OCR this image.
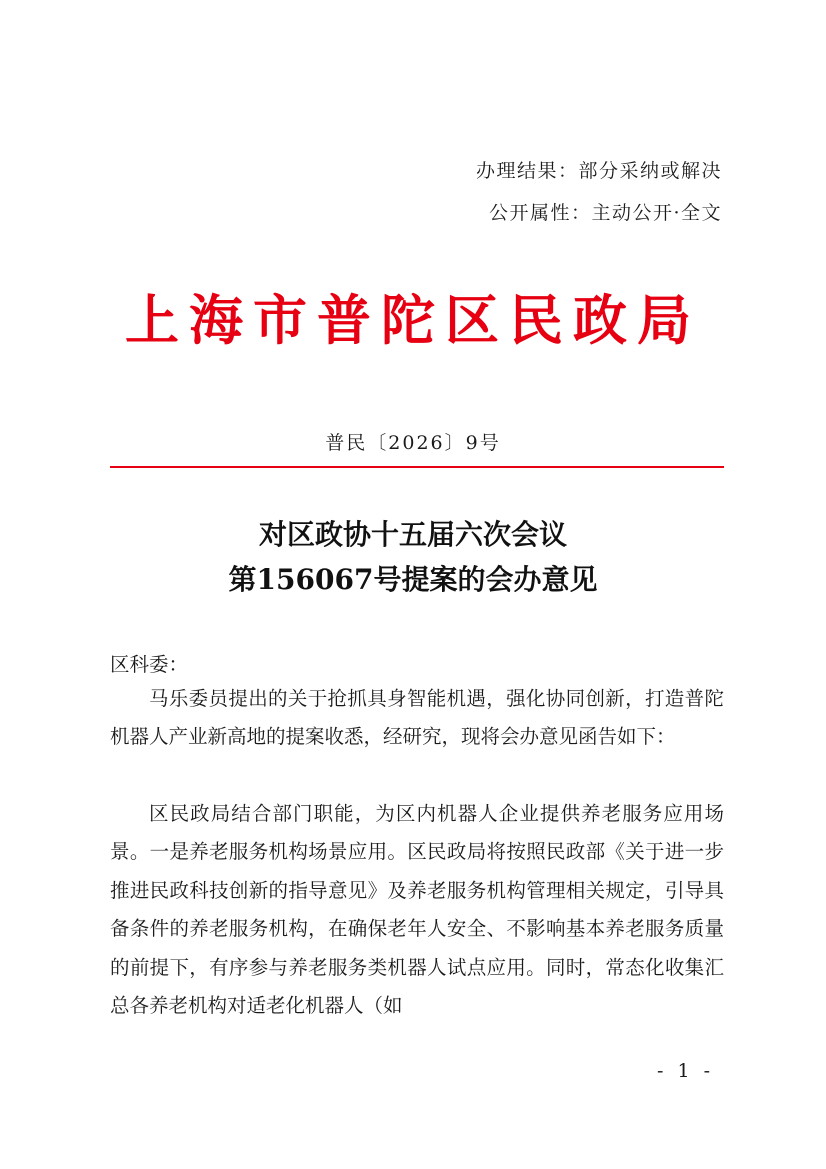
办理结果：部分采纳或解决
公开属性：主动公开·全文
上海市普陀区民政局
普民〔2026〕9号
对区政协十五届六次会议
第156067号提案的会办意见
区科委：
马乐委员提出的关于抢抓具身智能机遇，强化协同创新，打造普陀机器人产业新高地的提案收悉，经研究，现将会办意见函告如下：
区民政局结合部门职能，为区内机器人企业提供养老服务应用场景。一是养老服务机构场景应用。区民政局将按照民政部《关于进一步推进民政科技创新的指导意见》及养老服务机构管理相关规定，引导具备条件的养老服务机构，在确保老年人安全、不影响基本养老服务质量的前提下，有序参与养老服务类机器人试点应用。同时，常态化收集汇总各养老机构对适老化机器人（如
- 1 -
